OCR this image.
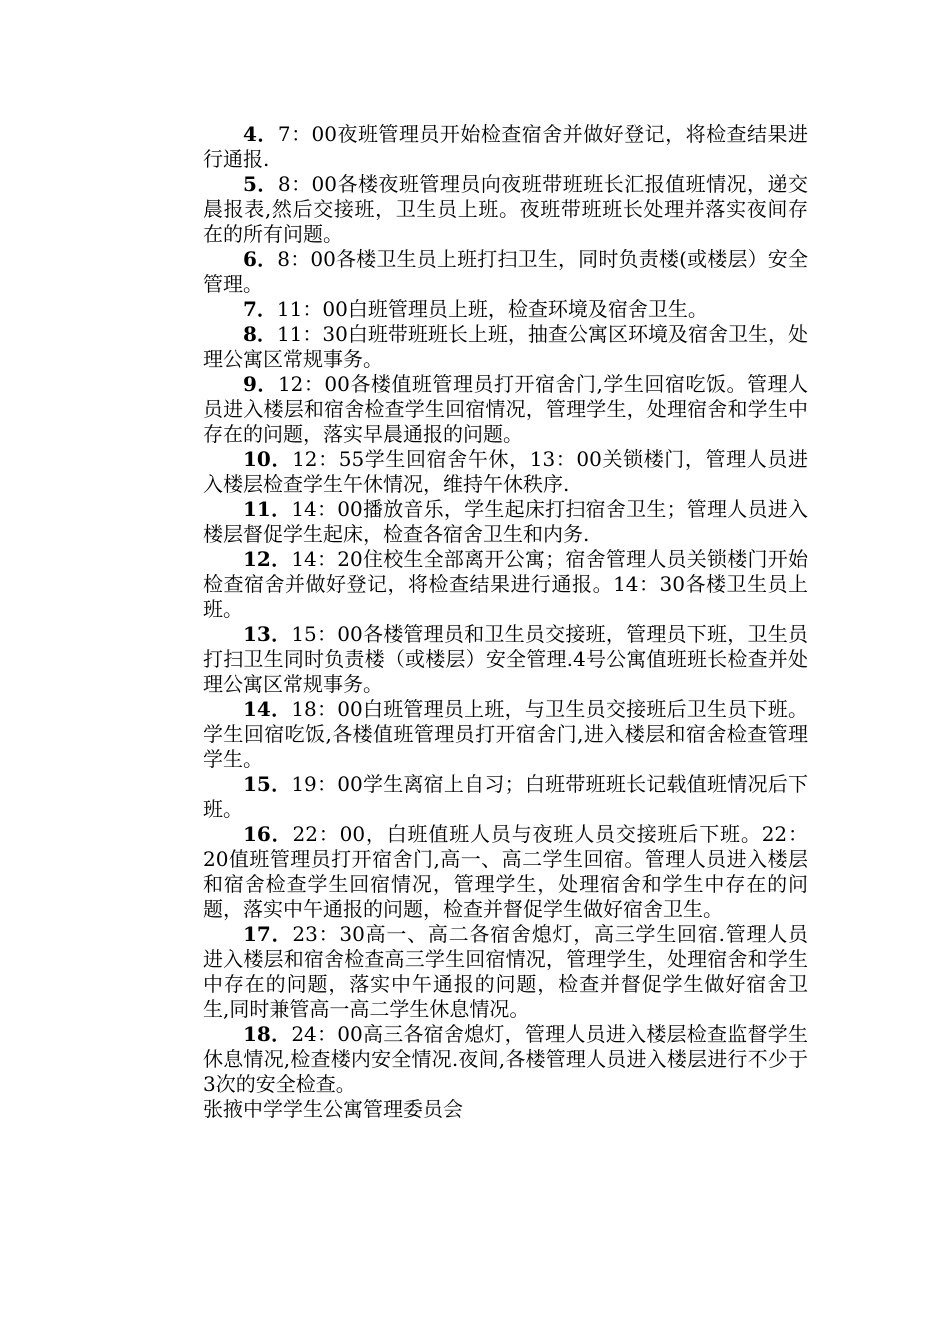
4．7：00夜班管理员开始检查宿舍并做好登记，将检查结果进行通报.

5．8：00各楼夜班管理员向夜班带班班长汇报值班情况，递交晨报表,然后交接班，卫生员上班。夜班带班班长处理并落实夜间存在的所有问题。

6．8：00各楼卫生员上班打扫卫生，同时负责楼(或楼层）安全管理。

7．11：00白班管理员上班，检查环境及宿舍卫生。

8．11：30白班带班班长上班，抽查公寓区环境及宿舍卫生，处理公寓区常规事务。

9．12：00各楼值班管理员打开宿舍门,学生回宿吃饭。管理人员进入楼层和宿舍检查学生回宿情况，管理学生，处理宿舍和学生中存在的问题，落实早晨通报的问题。

10．12：55学生回宿舍午休，13：00关锁楼门，管理人员进入楼层检查学生午休情况，维持午休秩序.

11．14：00播放音乐，学生起床打扫宿舍卫生；管理人员进入楼层督促学生起床，检查各宿舍卫生和内务.

12．14：20住校生全部离开公寓；宿舍管理人员关锁楼门开始检查宿舍并做好登记，将检查结果进行通报。14：30各楼卫生员上班。

13．15：00各楼管理员和卫生员交接班，管理员下班，卫生员打扫卫生同时负责楼（或楼层）安全管理.4号公寓值班班长检查并处理公寓区常规事务。

14．18：00白班管理员上班，与卫生员交接班后卫生员下班。学生回宿吃饭,各楼值班管理员打开宿舍门,进入楼层和宿舍检查管理学生。

15．19：00学生离宿上自习；白班带班班长记载值班情况后下班。

16．22：00，白班值班人员与夜班人员交接班后下班。22：20值班管理员打开宿舍门,高一、高二学生回宿。管理人员进入楼层和宿舍检查学生回宿情况，管理学生，处理宿舍和学生中存在的问题，落实中午通报的问题，检查并督促学生做好宿舍卫生。

17．23：30高一、高二各宿舍熄灯，高三学生回宿.管理人员进入楼层和宿舍检查高三学生回宿情况，管理学生，处理宿舍和学生中存在的问题，落实中午通报的问题，检查并督促学生做好宿舍卫生,同时兼管高一高二学生休息情况。

18．24：00高三各宿舍熄灯，管理人员进入楼层检查监督学生休息情况,检查楼内安全情况.夜间,各楼管理人员进入楼层进行不少于3次的安全检查。

张掖中学学生公寓管理委员会
